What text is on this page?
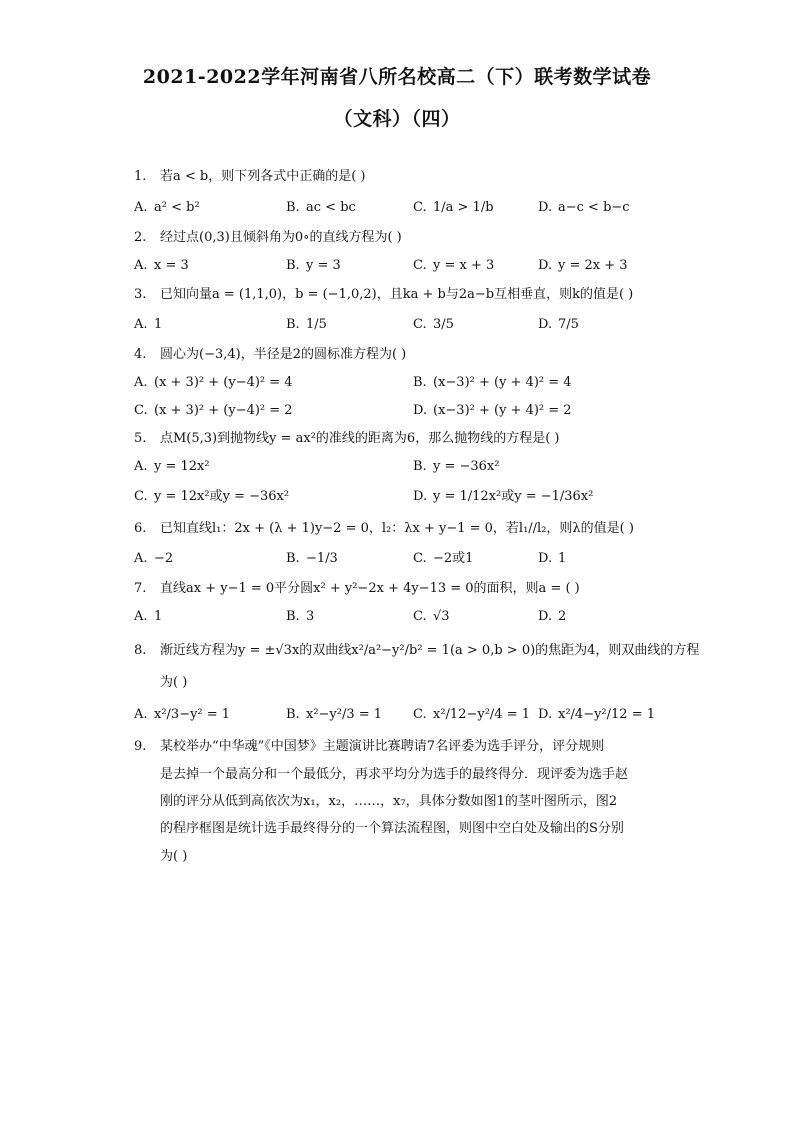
2021-2022学年河南省八所名校高二（下）联考数学试卷
（文科）（四）
1. 若a < b，则下列各式中正确的是( )
A. a² < b²	B. ac < bc	C. 1/a > 1/b	D. a−c < b−c
2. 经过点(0,3)且倾斜角为0∘的直线方程为( )
A. x = 3	B. y = 3	C. y = x + 3	D. y = 2x + 3
3. 已知向量a = (1,1,0)，b = (−1,0,2)，且ka + b与2a−b互相垂直，则k的值是( )
A. 1	B. 1/5	C. 3/5	D. 7/5
4. 圆心为(−3,4)，半径是2的圆标准方程为( )
A. (x + 3)² + (y−4)² = 4	B. (x−3)² + (y + 4)² = 4
C. (x + 3)² + (y−4)² = 2	D. (x−3)² + (y + 4)² = 2
5. 点M(5,3)到抛物线y = ax²的准线的距离为6，那么抛物线的方程是( )
A. y = 12x²	B. y = −36x²
C. y = 12x²或y = −36x²	D. y = 1/12x²或y = −1/36x²
6. 已知直线l₁：2x + (λ + 1)y−2 = 0，l₂：λx + y−1 = 0，若l₁//l₂，则λ的值是( )
A. −2	B. −1/3	C. −2或1	D. 1
7. 直线ax + y−1 = 0平分圆x² + y²−2x + 4y−13 = 0的面积，则a = ( )
A. 1	B. 3	C. √3	D. 2
8. 渐近线方程为y = ±√3x的双曲线x²/a²−y²/b² = 1(a > 0,b > 0)的焦距为4，则双曲线的方程
为( )
A. x²/3−y² = 1	B. x²−y²/3 = 1 C. x²/12−y²/4 = 1 D. x²/4−y²/12 = 1
9. 某校举办“中华魂”《中国梦》主题演讲比赛聘请7名评委为选手评分，评分规则
是去掉一个最高分和一个最低分，再求平均分为选手的最终得分．现评委为选手赵
刚的评分从低到高依次为x₁，x₂，……，x₇，具体分数如图1的茎叶图所示，图2
的程序框图是统计选手最终得分的一个算法流程图，则图中空白处及输出的S分别
为( )
